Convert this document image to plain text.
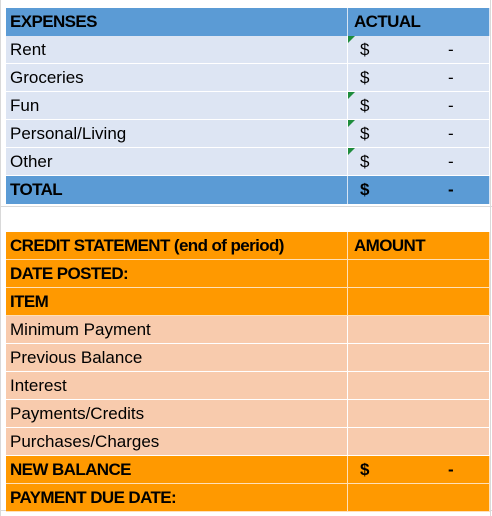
EXPENSES	ACTUAL
Rent	$	-
Groceries	$	-
Fun	$	-
Personal/Living	$	-
Other	$	-
TOTAL	$	-
CREDIT STATEMENT (end of period)	AMOUNT
DATE POSTED:
ITEM
Minimum Payment
Previous Balance
Interest
Payments/Credits
Purchases/Charges
NEW BALANCE	$	-
PAYMENT DUE DATE:
